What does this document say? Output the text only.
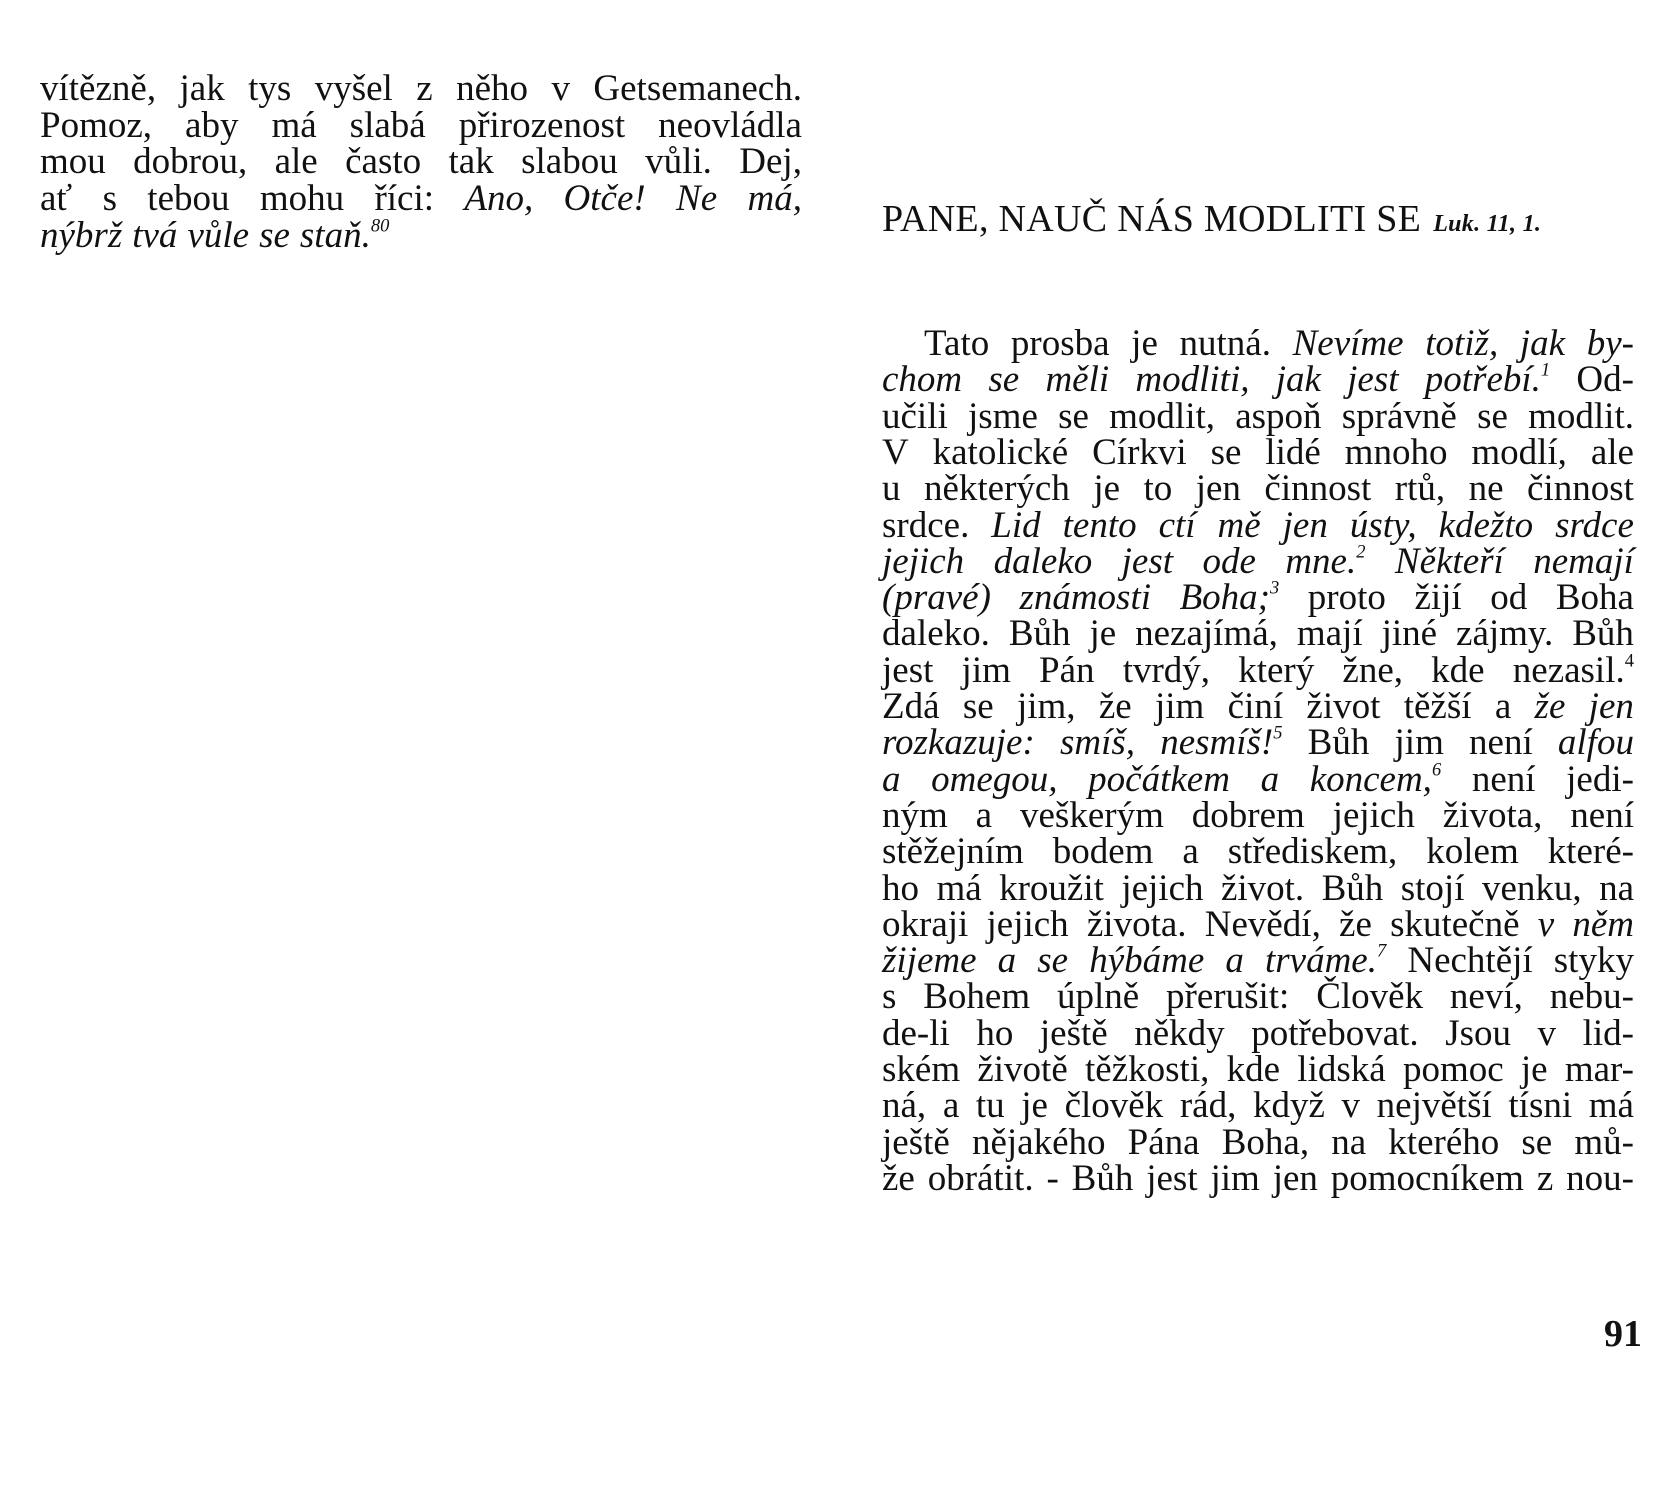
vítězně, jak tys vyšel z něho v Getsemanech.
Pomoz, aby má slabá přirozenost neovládla
mou dobrou, ale často tak slabou vůli. Dej,
ať s tebou mohu říci: Ano, Otče! Ne má,
nýbrž tvá vůle se staň.$^{80}$	PANE, NAUČ NÁS MODLITI SE Luk. 11, 1.
Tato prosba je nutná. Nevíme totiž, jak by-
chom se měli modliti, jak jest potřebí.$^1$ Od-
učili jsme se modlit, aspoň správně se modlit.
V katolické Církvi se lidé mnoho modlí, ale
u některých je to jen činnost rtů, ne činnost
srdce. Lid tento ctí mě jen ústy, kdežto srdce
jejich daleko jest ode mne.$^2$ Někteří nemají
(pravé) známosti Boha;$^3$ proto žijí od Boha
daleko. Bůh je nezajímá, mají jiné zájmy. Bůh
jest jim Pán tvrdý, který žne, kde nezasil.$^4$
Zdá se jim, že jim činí život těžší a že jen
rozkazuje: smíš, nesmíš!$^5$ Bůh jim není alfou
a omegou, počátkem a koncem,$^6$ není jedi-
ným a veškerým dobrem jejich života, není
stěžejním bodem a střediskem, kolem které-
ho má kroužit jejich život. Bůh stojí venku, na
okraji jejich života. Nevědí, že skutečně v něm
žijeme a se hýbáme a trváme.$^7$ Nechtějí styky
s Bohem úplně přerušit: Člověk neví, nebu-
de-li ho ještě někdy potřebovat. Jsou v lid-
ském životě těžkosti, kde lidská pomoc je mar-
ná, a tu je člověk rád, když v největší tísni má
ještě nějakého Pána Boha, na kterého se mů-
že obrátit. - Bůh jest jim jen pomocníkem z nou-
91
